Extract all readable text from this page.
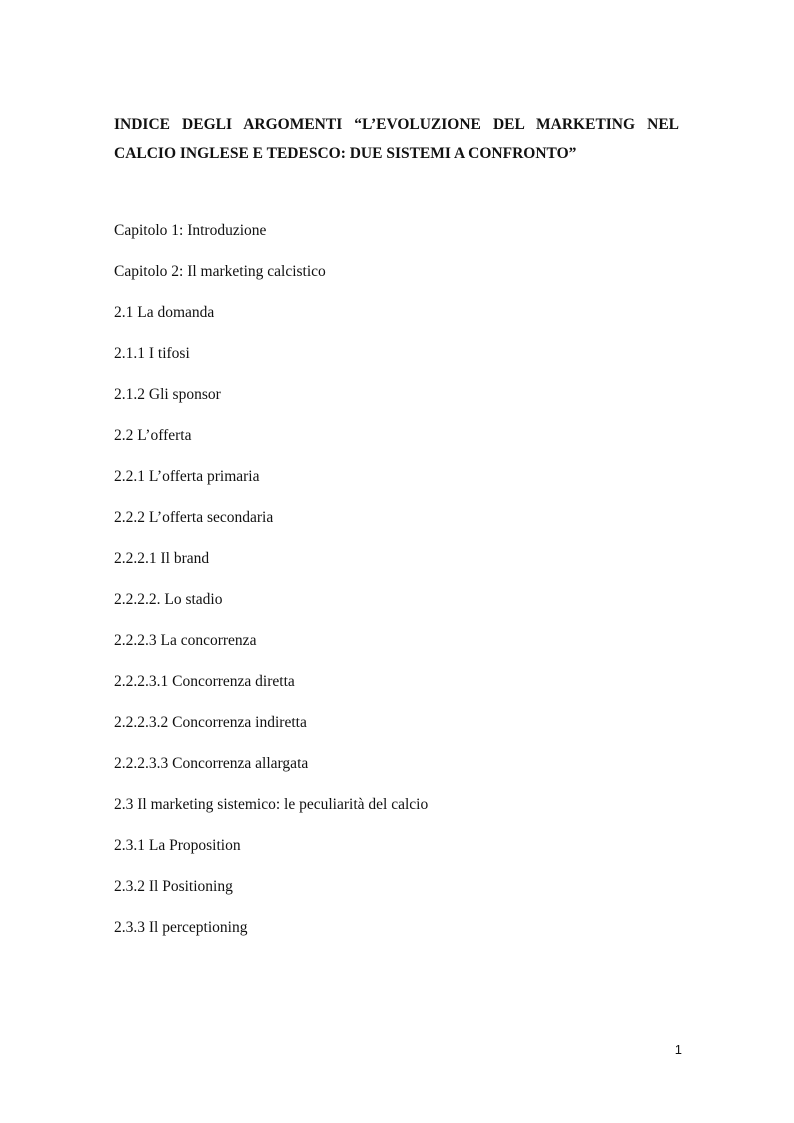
INDICE DEGLI ARGOMENTI “L’EVOLUZIONE DEL MARKETING NEL
CALCIO INGLESE E TEDESCO: DUE SISTEMI A CONFRONTO”
Capitolo 1: Introduzione
Capitolo 2: Il marketing calcistico
2.1 La domanda
2.1.1 I tifosi
2.1.2 Gli sponsor
2.2 L’offerta
2.2.1 L’offerta primaria
2.2.2 L’offerta secondaria
2.2.2.1 Il brand
2.2.2.2. Lo stadio
2.2.2.3 La concorrenza
2.2.2.3.1 Concorrenza diretta
2.2.2.3.2 Concorrenza indiretta
2.2.2.3.3 Concorrenza allargata
2.3 Il marketing sistemico: le peculiarità del calcio
2.3.1 La Proposition
2.3.2 Il Positioning
2.3.3 Il perceptioning
1
